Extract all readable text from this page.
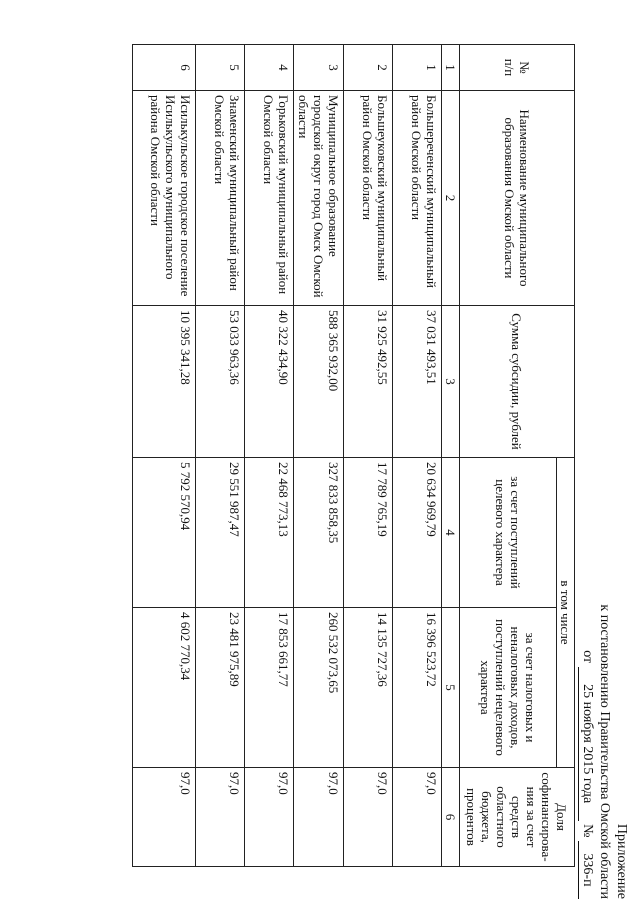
Приложение
к постановлению Правительства Омской области
от 25 ноября 2015 года № 336-п
№
п/п	Наименование муниципального образования Омской области	Сумма субсидии, рублей	в том числе		Доля софинансирова-ния за счет средств областного бюджета, процентов
			за счет поступлений целевого характера	за счет налоговых и неналоговых доходов, поступлений нецелевого характера	
1	2	3	4	5	6
1	Большереченский муниципальный район Омской области	37 031 493,51	20 634 969,79	16 396 523,72	97,0
2	Большеуковский муниципальный район Омской области	31 925 492,55	17 789 765,19	14 135 727,36	97,0
3	Муниципальное образование городской округ город Омск Омской области	588 365 932,00	327 833 858,35	260 532 073,65	97,0
4	Горьковский муниципальный район Омской области	40 322 434,90	22 468 773,13	17 853 661,77	97,0
5	Знаменский муниципальный район Омской области	53 033 963,36	29 551 987,47	23 481 975,89	97,0
6	Исилькульское городское поселение Исилькульского муниципального района Омской области	10 395 341,28	5 792 570,94	4 602 770,34	97,0
